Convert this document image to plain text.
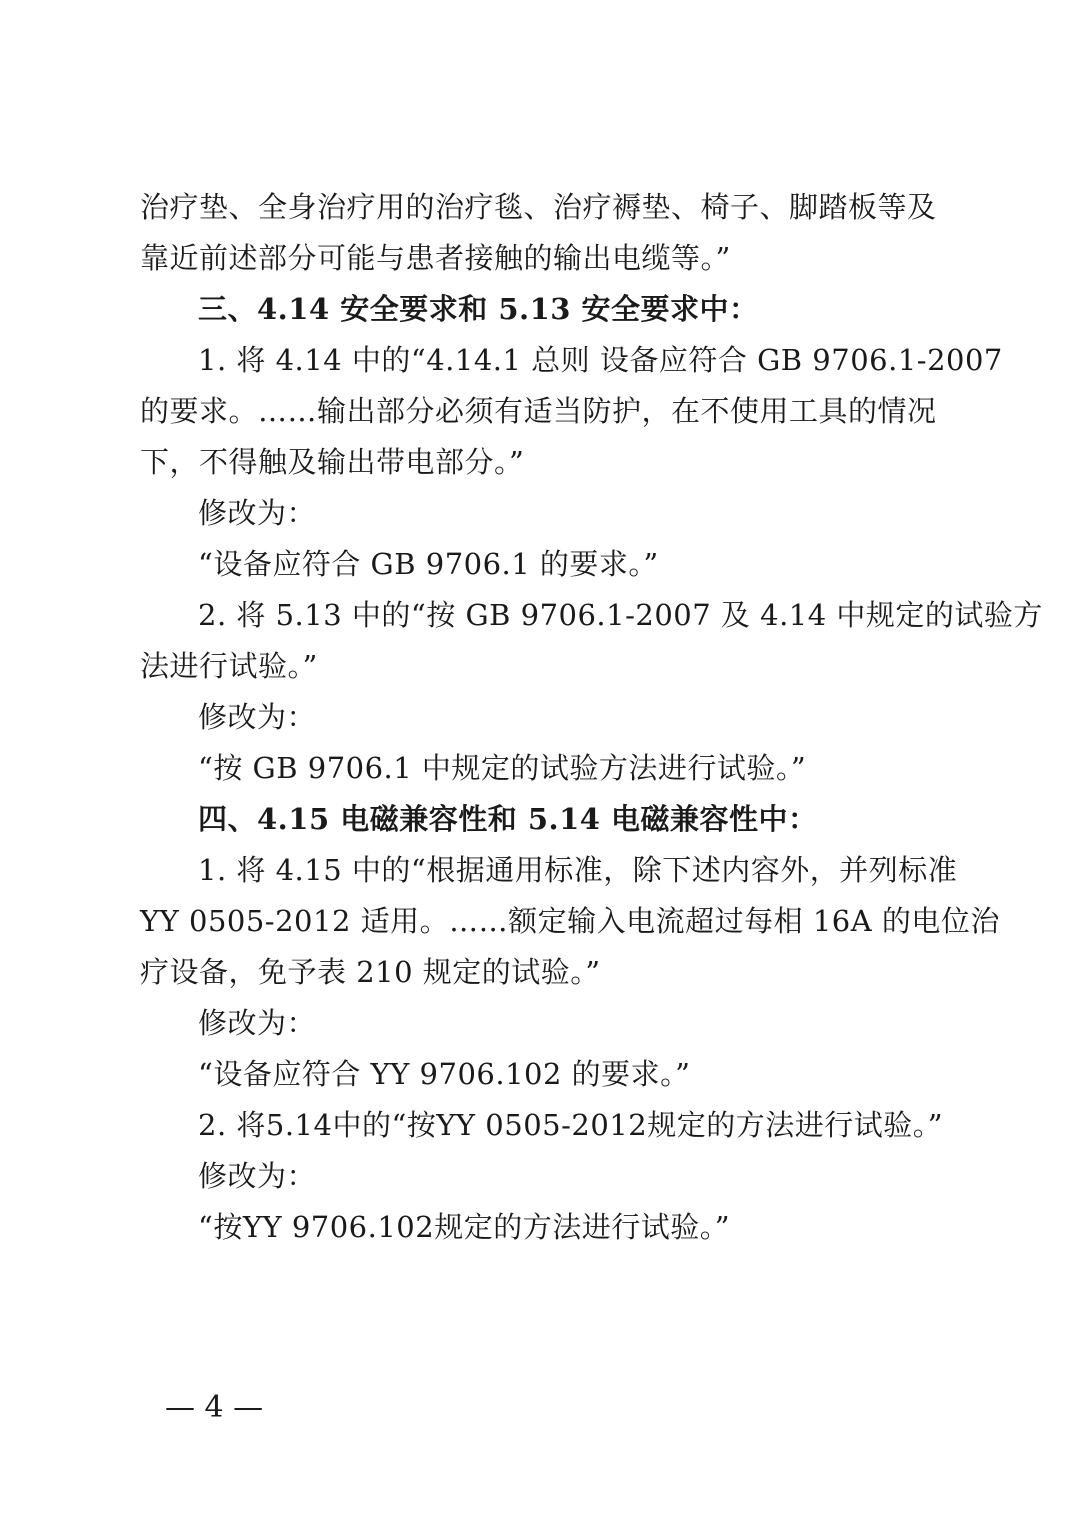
治疗垫、全身治疗用的治疗毯、治疗褥垫、椅子、脚踏板等及
靠近前述部分可能与患者接触的输出电缆等。”
三、4.14 安全要求和 5.13 安全要求中：
1. 将 4.14 中的“4.14.1 总则 设备应符合 GB 9706.1-2007
的要求。……输出部分必须有适当防护，在不使用工具的情况
下，不得触及输出带电部分。”
修改为：
“设备应符合 GB 9706.1 的要求。”
2. 将 5.13 中的“按 GB 9706.1-2007 及 4.14 中规定的试验方
法进行试验。”
修改为：
“按 GB 9706.1 中规定的试验方法进行试验。”
四、4.15 电磁兼容性和 5.14 电磁兼容性中：
1. 将 4.15 中的“根据通用标准，除下述内容外，并列标准
YY 0505-2012 适用。……额定输入电流超过每相 16A 的电位治
疗设备，免予表 210 规定的试验。”
修改为：
“设备应符合 YY 9706.102 的要求。”
2. 将5.14中的“按YY 0505-2012规定的方法进行试验。”
修改为：
“按YY 9706.102规定的方法进行试验。”
— 4 —
